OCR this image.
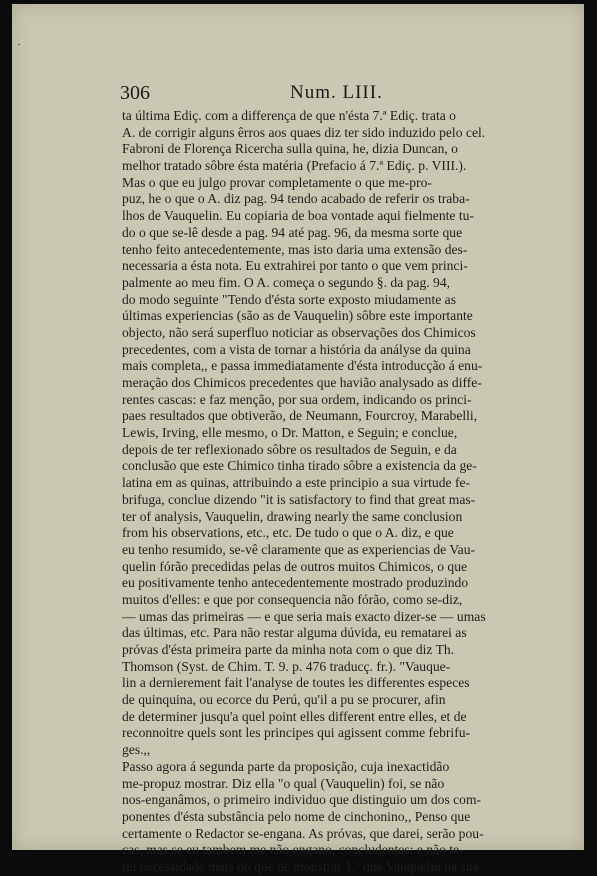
306	Num. LIII.
ta última Ediç. com a differença de que n'ésta 7.ª Ediç. trata o
A. de corrigir alguns êrros aos quaes diz ter sido induzido pelo cel.
Fabroni de Florença Ricercha sulla quina, he, dizia Duncan, o
melhor tratado sôbre ésta matéria (Prefacio á 7.ª Ediç. p. VIII.).
Mas o que eu julgo provar completamente o que me-pro-
puz, he o que o A. diz pag. 94 tendo acabado de referir os traba-
lhos de Vauquelin. Eu copiaria de boa vontade aqui fielmente tu-
do o que se-lê desde a pag. 94 até pag. 96, da mesma sorte que
tenho feito antecedentemente, mas isto daria uma extensão des-
necessaria a ésta nota. Eu extrahirei por tanto o que vem princi-
palmente ao meu fim. O A. começa o segundo §. da pag. 94,
do modo seguinte "Tendo d'ésta sorte exposto miudamente as
últimas experiencias (são as de Vauquelin) sôbre este importante
objecto, não será superfluo noticiar as observações dos Chimicos
precedentes, com a vista de tornar a história da anályse da quina
mais completa,, e passa immediatamente d'ésta introducção á enu-
meração dos Chimicos precedentes que havião analysado as diffe-
rentes cascas: e faz menção, por sua ordem, indicando os princi-
paes resultados que obtiverão, de Neumann, Fourcroy, Marabelli,
Lewis, Irving, elle mesmo, o Dr. Matton, e Seguin; e conclue,
depois de ter reflexionado sôbre os resultados de Seguin, e da
conclusão que este Chimico tinha tirado sôbre a existencia da ge-
latina em as quinas, attribuindo a este principio a sua virtude fe-
brifuga, conclue dizendo "it is satisfactory to find that great mas-
ter of analysis, Vauquelin, drawing nearly the same conclusion
from his observations, etc., etc. De tudo o que o A. diz, e que
eu tenho resumido, se-vê claramente que as experiencias de Vau-
quelin fórão precedidas pelas de outros muitos Chimicos, o que
eu positivamente tenho antecedentemente mostrado produzindo
muitos d'elles: e que por consequencia não fórão, como se-diz,
— umas das primeiras — e que seria mais exacto dizer-se — umas
das últimas, etc. Para não restar alguma dúvida, eu rematarei as
próvas d'ésta primeira parte da minha nota com o que diz Th.
Thomson (Syst. de Chim. T. 9. p. 476 traducç. fr.). "Vauque-
lin a dernierement fait l'analyse de toutes les differentes especes
de quinquina, ou ecorce du Perú, qu'il a pu se procurer, afin
de determiner jusqu'a quel point elles different entre elles, et de
reconnoitre quels sont les principes qui agissent comme febrifu-
ges.,,
Passo agora á segunda parte da proposição, cuja inexactidão
me-propuz mostrar. Diz ella "o qual (Vauquelin) foi, se não
nos-enganâmos, o primeiro individuo que distinguio um dos com-
ponentes d'ésta substância pelo nome de cinchonino,, Penso que
certamente o Redactor se-engana. As próvas, que darei, serão pou-
cas, mas se eu tambem me não engano, concludentes: e não te-
rei necessidade mais do que de monstrar 1.º que Vauquelin na sua
